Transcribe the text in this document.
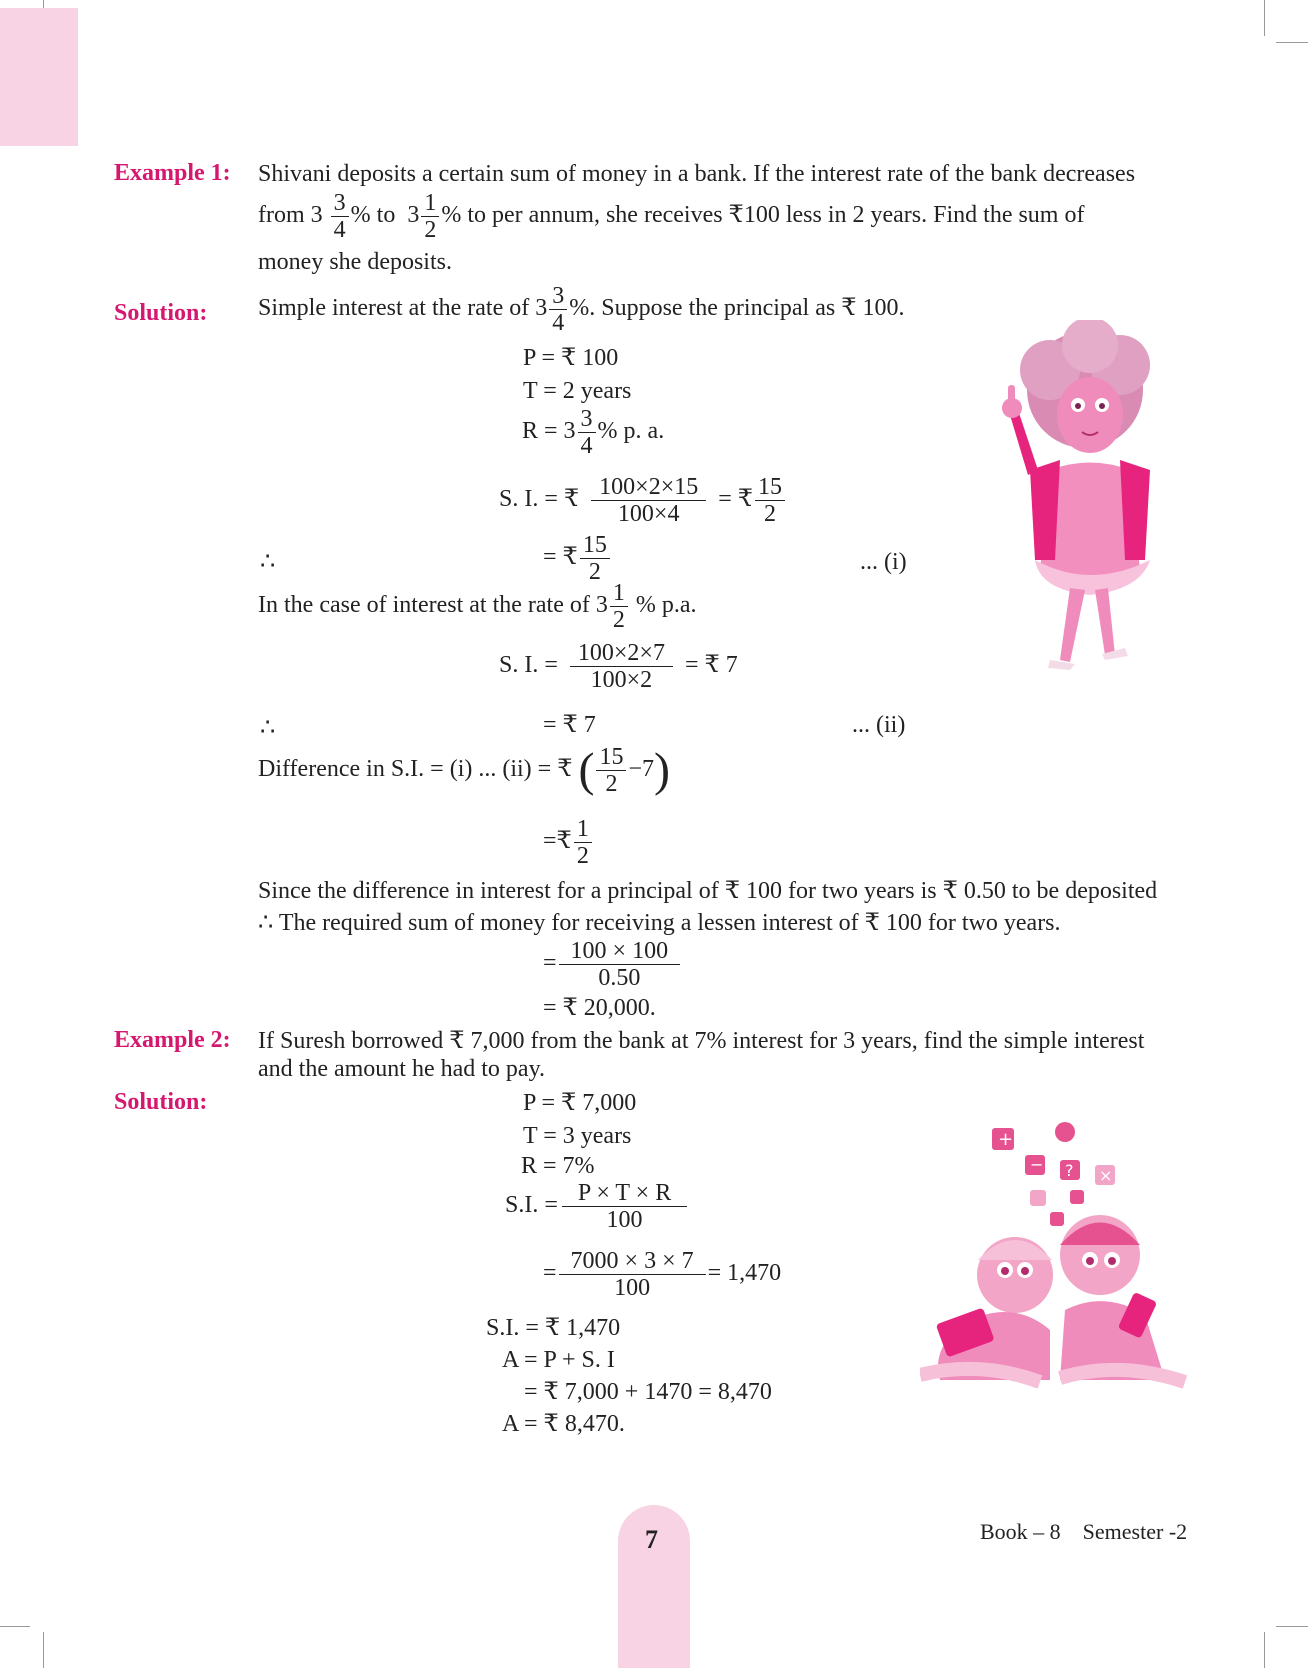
Example 1: Shivani deposits a certain sum of money in a bank. If the interest rate of the bank decreases
from $3 \frac{3}{4}$ % to $3 \frac{1}{2}$ % to per annum, she receives ₹100 less in 2 years. Find the sum of
money she deposits.
Solution: Simple interest at the rate of $3 \frac{3}{4}$ %. Suppose the principal as ₹ 100.
P = ₹ 100
T = 2 years
$R = 3 \frac{3}{4}$ % p. a.
S. I. = ₹ $\frac{100\times 2\times 15}{100\times 4}$ = ₹ $\frac{15}{2}$
∴	= ₹ $\frac{15}{2}$	... (i)
In the case of interest at the rate of $3 \frac{1}{2}$ % p.a.
S. I. = $\frac{100\times 2\times 7}{100\times 2}$ = ₹ 7
∴	= ₹ 7	... (ii)
Difference in S.I. = (i) ... (ii) = ₹ ( $\frac{15}{2} -7$)
=₹ $\frac{1}{2}$
Since the difference in interest for a principal of ₹ 100 for two years is ₹ 0.50 to be deposited
∴ The required sum of money for receiving a lessen interest of ₹ 100 for two years.
= $\frac{100 \times 100}{0.50}$
= ₹ 20,000.
Example 2: If Suresh borrowed ₹ 7,000 from the bank at 7% interest for 3 years, find the simple interest
and the amount he had to pay.
Solution:	P = ₹ 7,000
T = 3 years
R = 7%
S.I. = $\frac{P \times T \times R}{100}$
= $\frac{7000 \times 3 \times 7}{100} = 1,470$
S.I. = ₹ 1,470
A = P + S. I
= ₹ 7,000 + 1470 = 8,470
A = ₹ 8,470.
+
− ? ×
7	Book – 8    Semester -2
